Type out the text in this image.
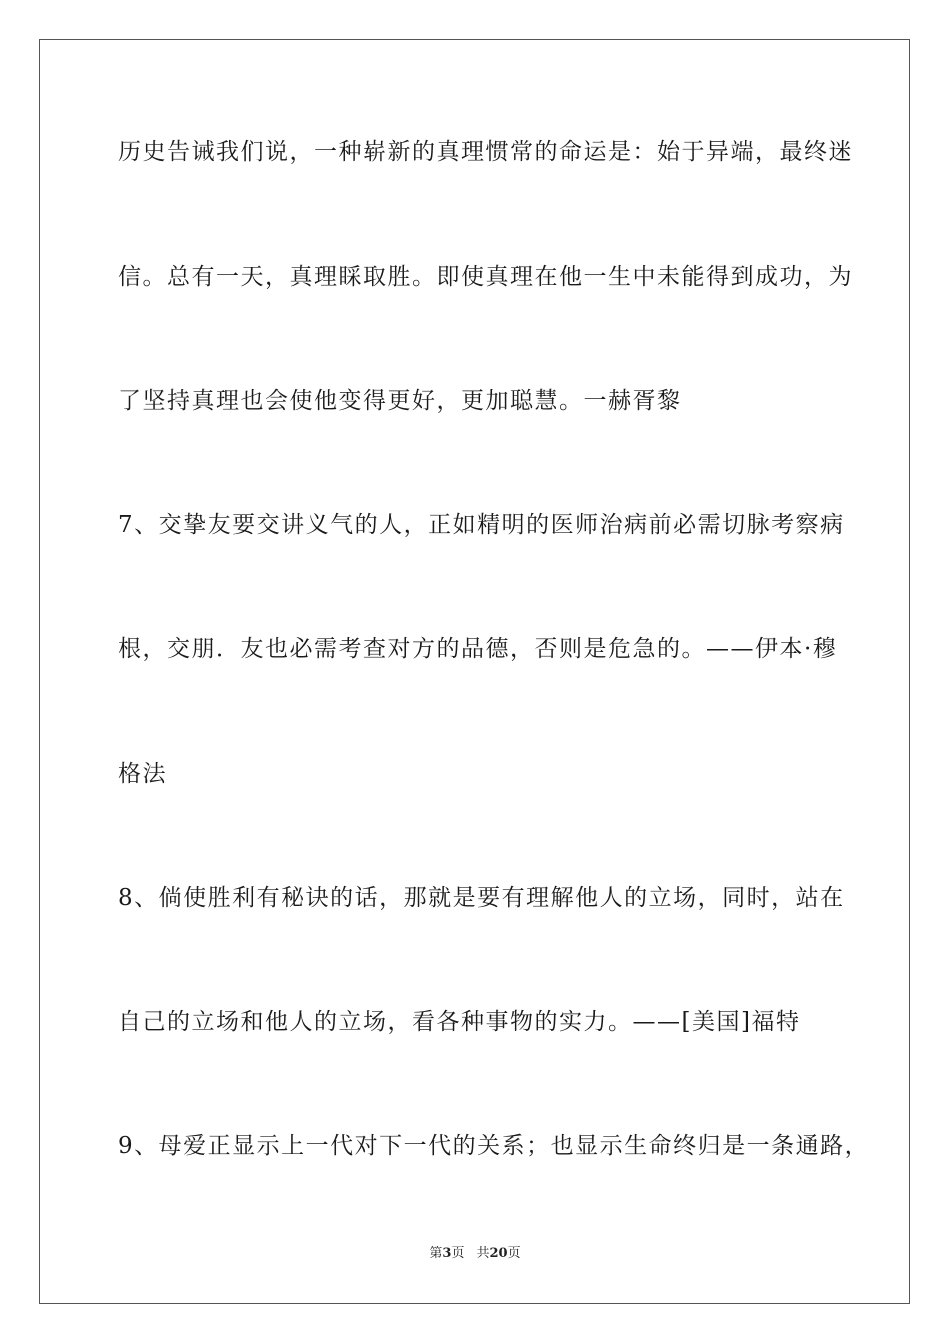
历史告诫我们说，一种崭新的真理惯常的命运是：始于异端，最终迷
信。总有一天，真理睬取胜。即使真理在他一生中未能得到成功，为
了坚持真理也会使他变得更好，更加聪慧。一赫胥黎
7、交挚友要交讲义气的人，正如精明的医师治病前必需切脉考察病
根，交朋．友也必需考查对方的品德，否则是危急的。——伊本·穆
格法
8、倘使胜利有秘诀的话，那就是要有理解他人的立场，同时，站在
自己的立场和他人的立场，看各种事物的实力。——[美国]福特
9、母爱正显示上一代对下一代的关系；也显示生命终归是一条通路，
第3页 共20页
